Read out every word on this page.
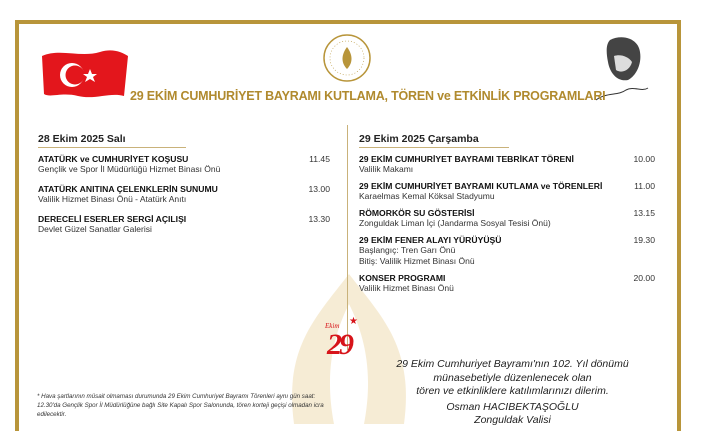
29 EKİM CUMHURİYET BAYRAMI KUTLAMA, TÖREN ve ETKİNLİK PROGRAMLARI
28 Ekim 2025 Salı
ATATÜRK ve CUMHURİYET KOŞUSU	11.45
Gençlik ve Spor İl Müdürlüğü Hizmet Binası Önü
ATATÜRK ANITINA ÇELENKLERİN SUNUMU	13.00
Valilik Hizmet Binası Önü - Atatürk Anıtı
DERECELİ ESERLER SERGİ AÇILIŞI	13.30
Devlet Güzel Sanatlar Galerisi
29 Ekim 2025 Çarşamba
29 EKİM CUMHURİYET BAYRAMI TEBRİKAT TÖRENİ	10.00
Valilik Makamı
29 EKİM CUMHURİYET BAYRAMI KUTLAMA ve TÖRENLERİ	11.00
Karaelmas Kemal Köksal Stadyumu
RÖMORKÖR SU GÖSTERİSİ	13.15
Zonguldak Liman İçi (Jandarma Sosyal Tesisi Önü)
29 EKİM FENER ALAYI YÜRÜYÜŞÜ	19.30
Başlangıç: Tren Garı Önü
Bitiş: Valilik Hizmet Binası Önü
KONSER PROGRAMI	20.00
Valilik Hizmet Binası Önü
Ekim ★
29
29 Ekim Cumhuriyet Bayramı'nın 102. Yıl dönümü
münasebetiyle düzenlenecek olan
tören ve etkinliklere katılımlarınızı dilerim.
Osman HACIBEKTAŞOĞLU
Zonguldak Valisi
* Hava şartlarının müsait olmaması durumunda 29 Ekim Cumhuriyet Bayramı Törenleri aynı gün saat: 12.30'da Gençlik Spor İl Müdürlüğüne bağlı Site Kapalı Spor Salonunda, tören korteji geçişi olmadan icra edilecektir.
